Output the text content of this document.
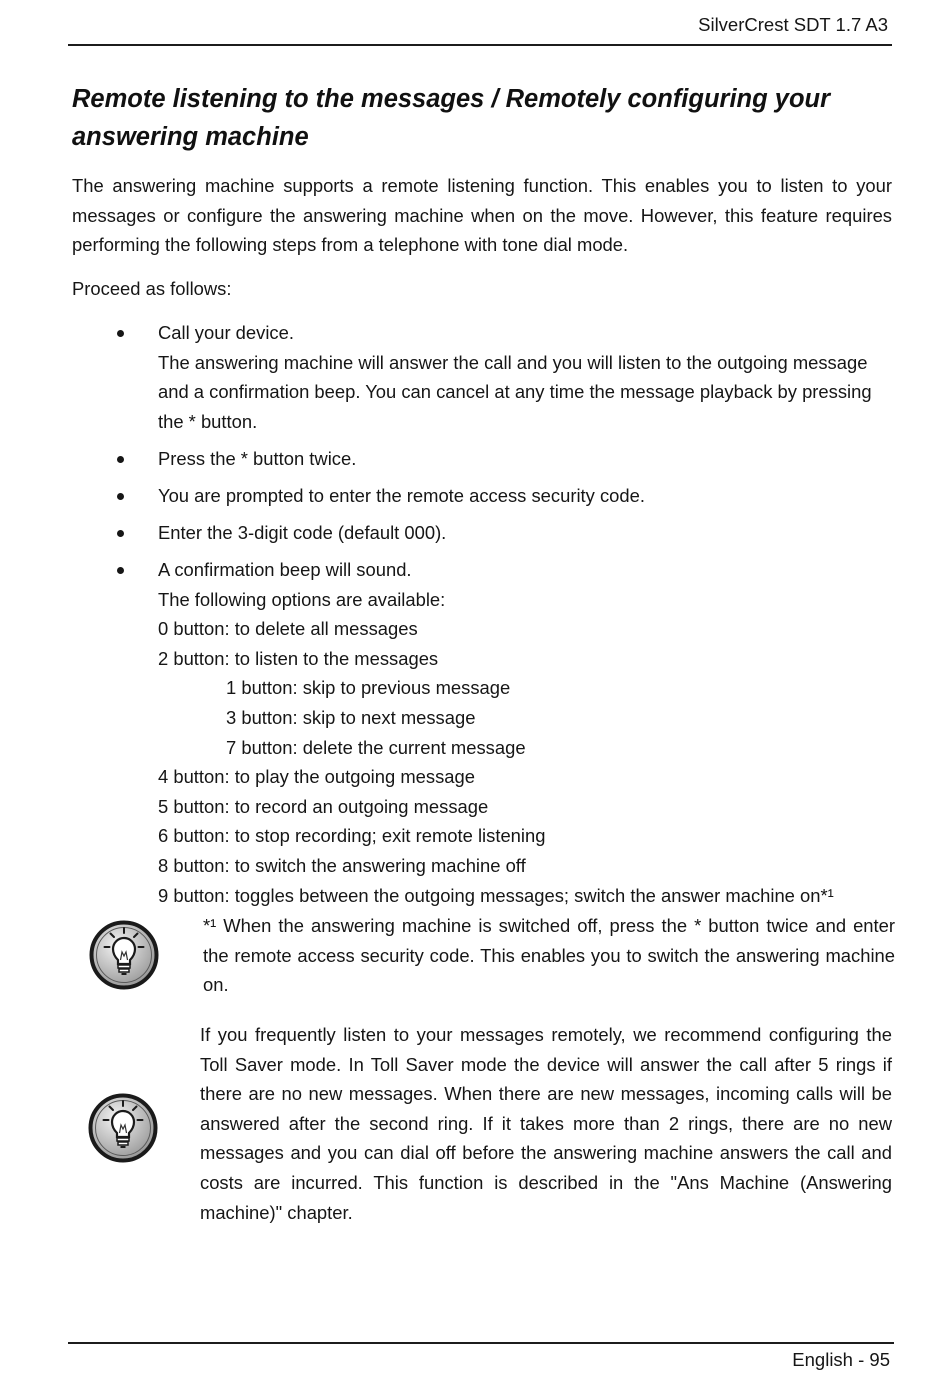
SilverCrest SDT 1.7 A3
Remote listening to the messages / Remotely configuring your
answering machine
The answering machine supports a remote listening function. This enables you to listen to your
messages or configure the answering machine when on the move. However, this feature requires
performing the following steps from a telephone with tone dial mode.
Proceed as follows:
Call your device.
The answering machine will answer the call and you will listen to the outgoing message
and a confirmation beep. You can cancel at any time the message playback by pressing
the * button.
Press the * button twice.
You are prompted to enter the remote access security code.
Enter the 3-digit code (default 000).
A confirmation beep will sound.
The following options are available:
0 button: to delete all messages
2 button: to listen to the messages
1 button: skip to previous message
3 button: skip to next message
7 button: delete the current message
4 button: to play the outgoing message
5 button: to record an outgoing message
6 button: to stop recording; exit remote listening
8 button: to switch the answering machine off
9 button: toggles between the outgoing messages; switch the answer machine on*¹
*¹ When the answering machine is switched off, press the * button twice and enter
the remote access security code. This enables you to switch the answering machine
on.
If you frequently listen to your messages remotely, we recommend configuring the
Toll Saver mode. In Toll Saver mode the device will answer the call after 5 rings if
there are no new messages. When there are new messages, incoming calls will be
answered after the second ring. If it takes more than 2 rings, there are no new
messages and you can dial off before the answering machine answers the call and
costs are incurred. This function is described in the "Ans Machine (Answering
machine)" chapter.
English - 95
